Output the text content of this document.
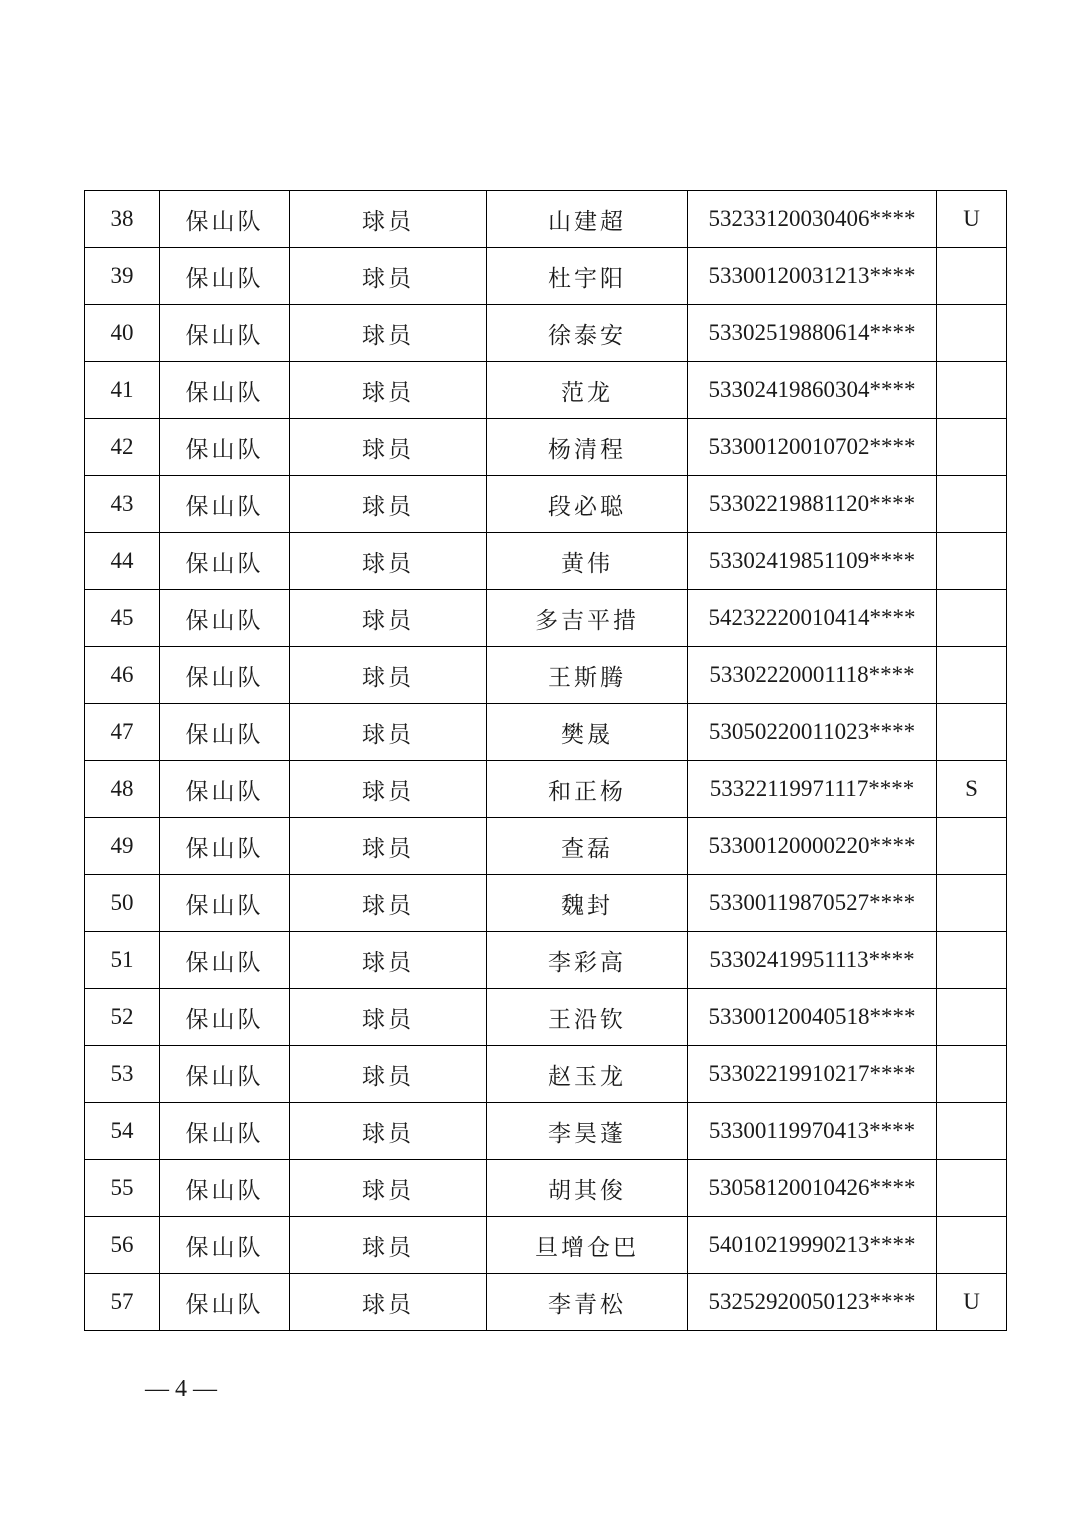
38	保山队	球员	山建超	53233120030406****	U
39	保山队	球员	杜宇阳	53300120031213****	
40	保山队	球员	徐泰安	53302519880614****	
41	保山队	球员	范龙	53302419860304****	
42	保山队	球员	杨清程	53300120010702****	
43	保山队	球员	段必聪	53302219881120****	
44	保山队	球员	黄伟	53302419851109****	
45	保山队	球员	多吉平措	54232220010414****	
46	保山队	球员	王斯腾	53302220001118****	
47	保山队	球员	樊晟	53050220011023****	
48	保山队	球员	和正杨	53322119971117****	S
49	保山队	球员	查磊	53300120000220****	
50	保山队	球员	魏封	53300119870527****	
51	保山队	球员	李彩高	53302419951113****	
52	保山队	球员	王沿钦	53300120040518****	
53	保山队	球员	赵玉龙	53302219910217****	
54	保山队	球员	李昊蓬	53300119970413****	
55	保山队	球员	胡其俊	53058120010426****	
56	保山队	球员	旦增仓巴	54010219990213****	
57	保山队	球员	李青松	53252920050123****	U
— 4 —
